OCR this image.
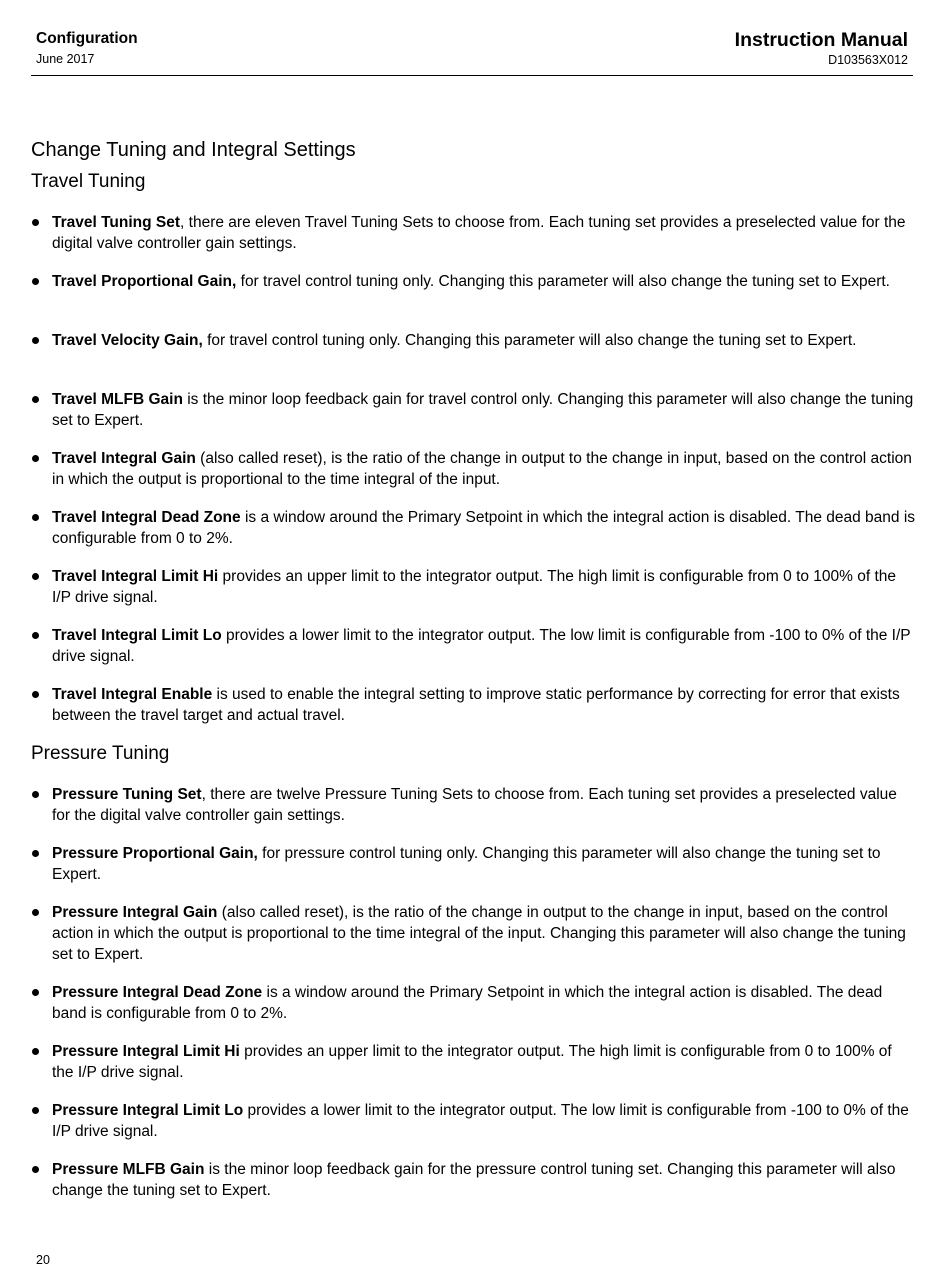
Configuration
June 2017
Instruction Manual
D103563X012
Change Tuning and Integral Settings
Travel Tuning
Travel Tuning Set, there are eleven Travel Tuning Sets to choose from. Each tuning set provides a preselected value for the digital valve controller gain settings.
Travel Proportional Gain, for travel control tuning only. Changing this parameter will also change the tuning set to Expert.
Travel Velocity Gain, for travel control tuning only. Changing this parameter will also change the tuning set to Expert.
Travel MLFB Gain is the minor loop feedback gain for travel control only. Changing this parameter will also change the tuning set to Expert.
Travel Integral Gain (also called reset), is the ratio of the change in output to the change in input, based on the control action in which the output is proportional to the time integral of the input.
Travel Integral Dead Zone is a window around the Primary Setpoint in which the integral action is disabled. The dead band is configurable from 0 to 2%.
Travel Integral Limit Hi provides an upper limit to the integrator output. The high limit is configurable from 0 to 100% of the I/P drive signal.
Travel Integral Limit Lo provides a lower limit to the integrator output. The low limit is configurable from -100 to 0% of the I/P drive signal.
Travel Integral Enable is used to enable the integral setting to improve static performance by correcting for error that exists between the travel target and actual travel.
Pressure Tuning
Pressure Tuning Set, there are twelve Pressure Tuning Sets to choose from. Each tuning set provides a preselected value for the digital valve controller gain settings.
Pressure Proportional Gain, for pressure control tuning only. Changing this parameter will also change the tuning set to Expert.
Pressure Integral Gain (also called reset), is the ratio of the change in output to the change in input, based on the control action in which the output is proportional to the time integral of the input. Changing this parameter will also change the tuning set to Expert.
Pressure Integral Dead Zone is a window around the Primary Setpoint in which the integral action is disabled. The dead band is configurable from 0 to 2%.
Pressure Integral Limit Hi provides an upper limit to the integrator output. The high limit is configurable from 0 to 100% of the I/P drive signal.
Pressure Integral Limit Lo provides a lower limit to the integrator output. The low limit is configurable from -100 to 0% of the I/P drive signal.
Pressure MLFB Gain is the minor loop feedback gain for the pressure control tuning set. Changing this parameter will also change the tuning set to Expert.
20
